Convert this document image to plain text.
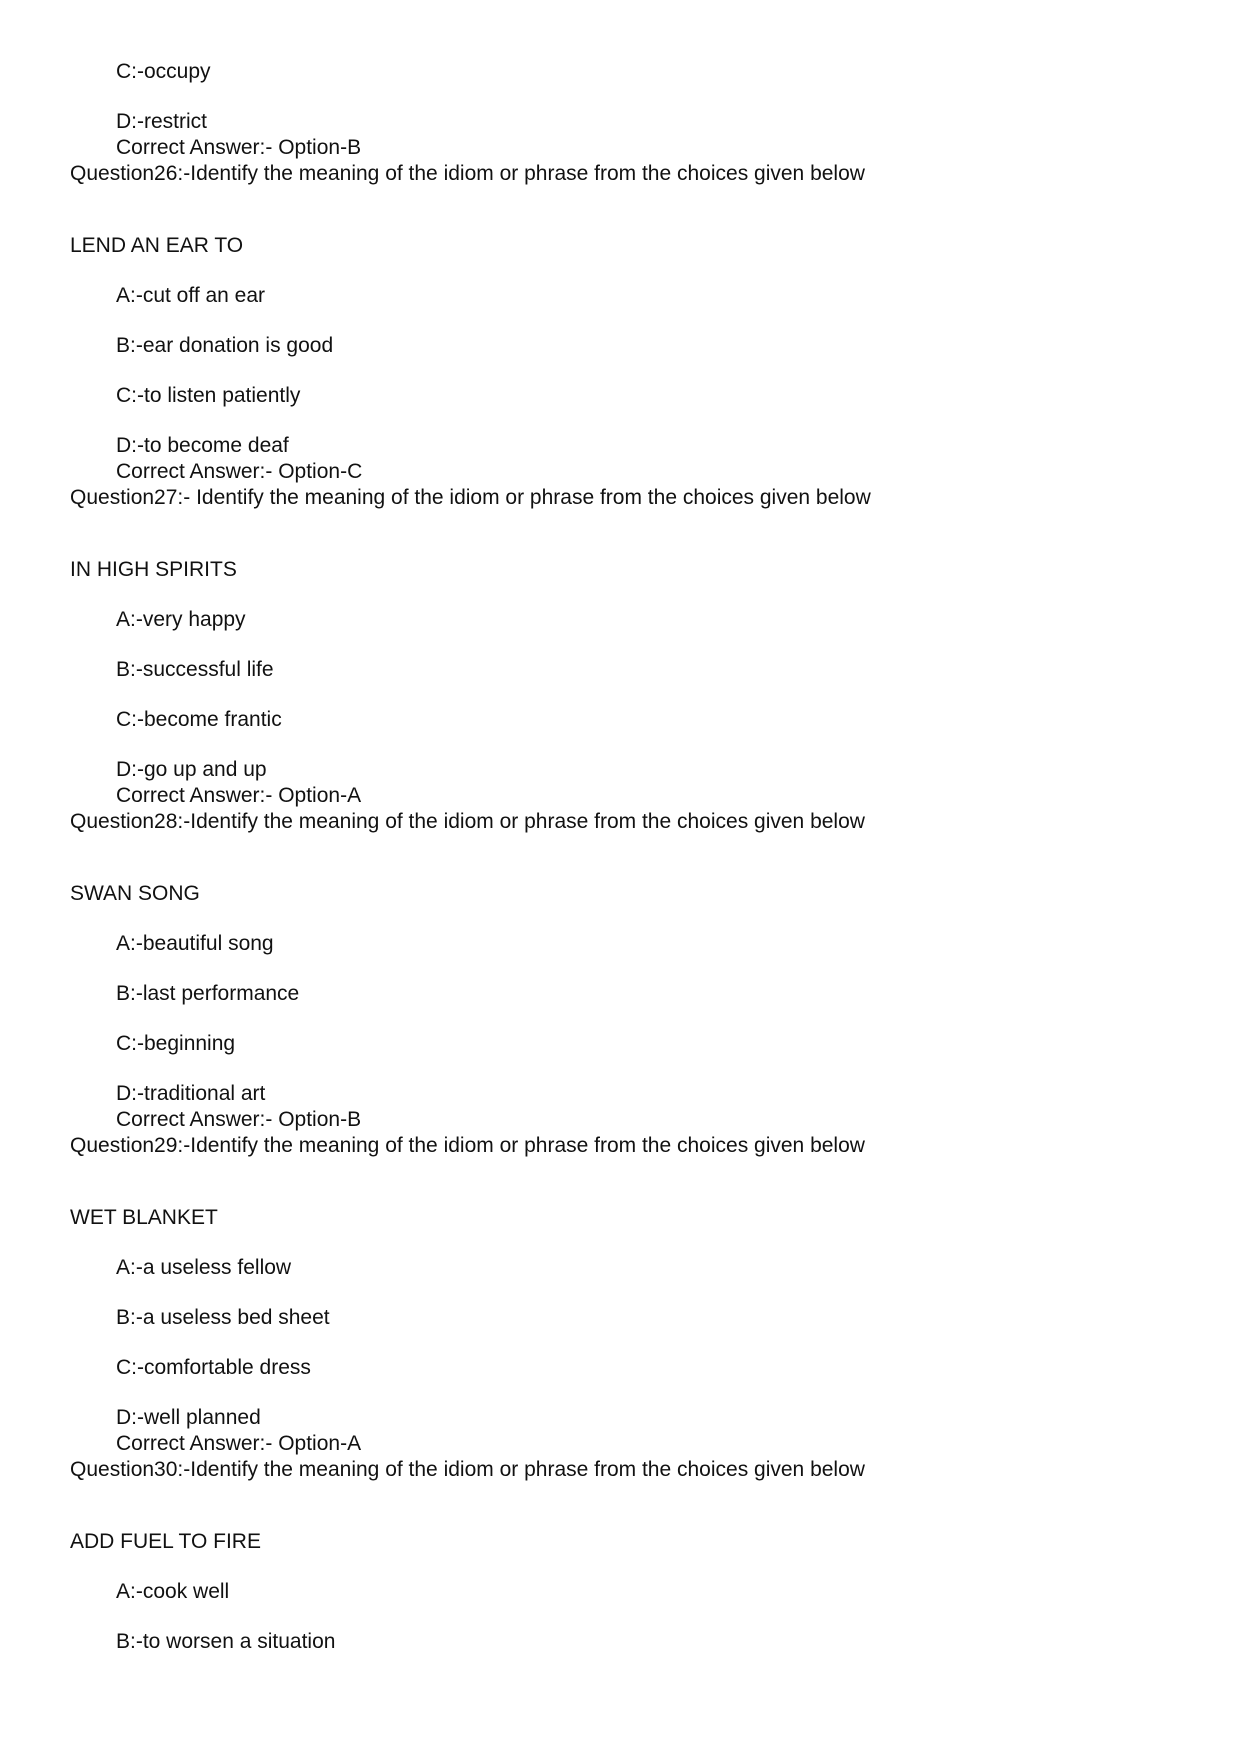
C:-occupy
D:-restrict
Correct Answer:- Option-B
Question26:-Identify the meaning of the idiom or phrase from the choices given below
LEND AN EAR TO
A:-cut off an ear
B:-ear donation is good
C:-to listen patiently
D:-to become deaf
Correct Answer:- Option-C
Question27:- Identify the meaning of the idiom or phrase from the choices given below
IN HIGH SPIRITS
A:-very happy
B:-successful life
C:-become frantic
D:-go up and up
Correct Answer:- Option-A
Question28:-Identify the meaning of the idiom or phrase from the choices given below
SWAN SONG
A:-beautiful song
B:-last performance
C:-beginning
D:-traditional art
Correct Answer:- Option-B
Question29:-Identify the meaning of the idiom or phrase from the choices given below
WET BLANKET
A:-a useless fellow
B:-a useless bed sheet
C:-comfortable dress
D:-well planned
Correct Answer:- Option-A
Question30:-Identify the meaning of the idiom or phrase from the choices given below
ADD FUEL TO FIRE
A:-cook well
B:-to worsen a situation
